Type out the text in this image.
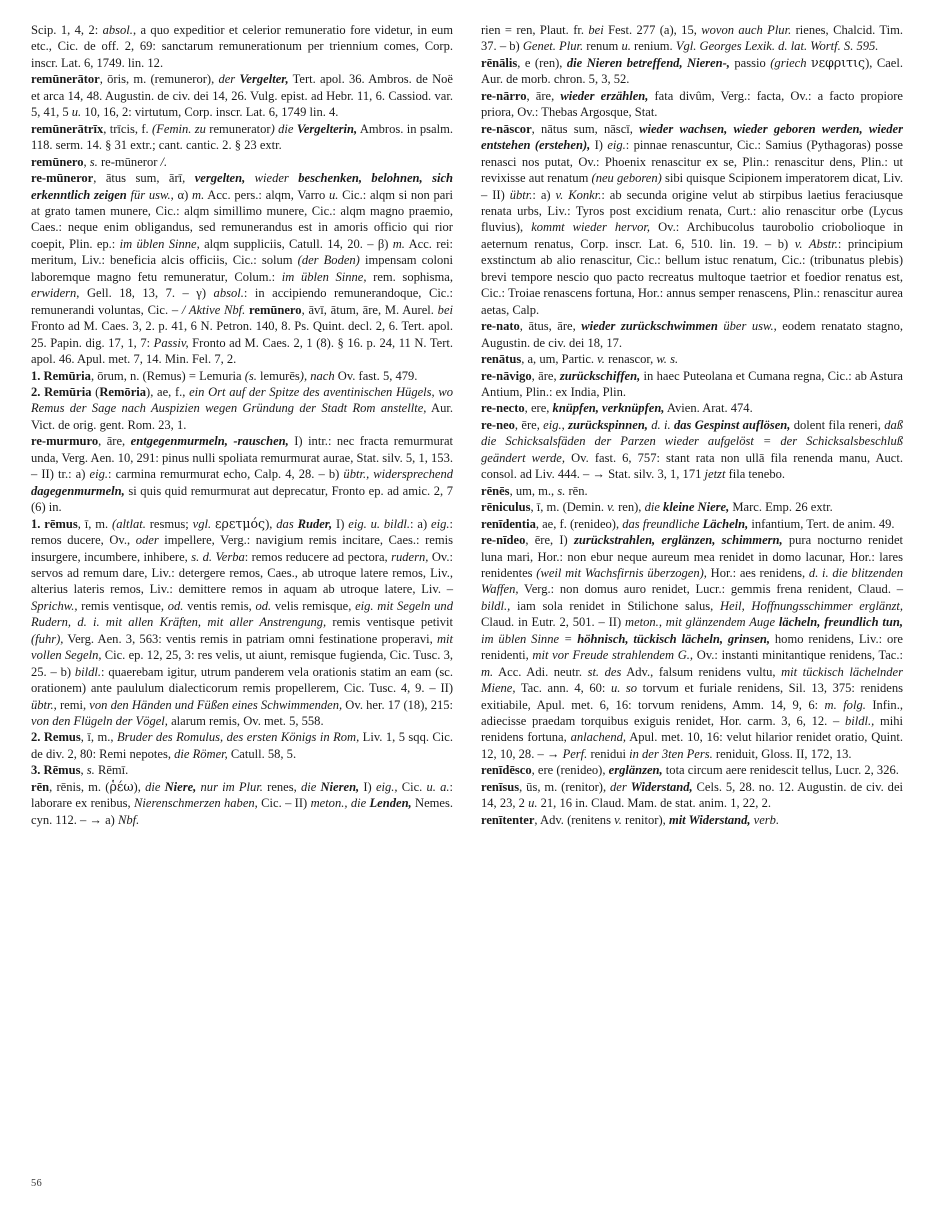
Scip. 1, 4, 2: absol., a quo expeditior et celerior remuneratio fore videtur, in eum etc., Cic. de off. 2, 69: sanctarum remunerationum per triennium comes, Corp. inscr. Lat. 6, 1749. lin. 12.

remūnerātor, ōris, m. (remuneror), der Vergelter, Tert. apol. 36. Ambros. de Noë et arca 14, 48. Augustin. de civ. dei 14, 26. Vulg. epist. ad Hebr. 11, 6. Cassiod. var. 5, 41, 5 u. 10, 16, 2: virtutum, Corp. inscr. Lat. 6, 1749 lin. 4.

remūnerātrīx, trīcis, f. (Femin. zu remunerator) die Vergelterin, Ambros. in psalm. 118. serm. 14. § 31 extr.; cant. cantic. 2. § 23 extr.

remūnero, s. re-mūneror /.

re-mūneror, ātus sum, ārī, vergelten, wieder beschenken, belohnen, sich erkenntlich zeigen für usw., α) m. Acc. pers.: alqm, Varro u. Cic.: alqm si non pari at grato tamen munere, Cic.: alqm simillimo munere, Cic.: alqm magno praemio, Caes.: neque enim obligandus, sed remunerandus est in amoris officio qui rior coepit, Plin. ep.: im üblen Sinne, alqm suppliciis, Catull. 14, 20. – β) m. Acc. rei: meritum, Liv.: beneficia alcis officiis, Cic.: solum (der Boden) impensam coloni laboremque magno fetu remuneratur, Colum.: im üblen Sinne, rem. sophisma, erwidern, Gell. 18, 13, 7. – γ) absol.: in accipiendo remunerandoque, Cic.: remunerandi voluntas, Cic. – / Aktive Nbf. remūnero, āvī, ātum, āre, M. Aurel. bei Fronto ad M. Caes. 3, 2. p. 41, 6 N. Petron. 140, 8. Ps. Quint. decl. 2, 6. Tert. apol. 25. Papin. dig. 17, 1, 7: Passiv, Fronto ad M. Caes. 2, 1 (8). § 16. p. 24, 11 N. Tert. apol. 46. Apul. met. 7, 14. Min. Fel. 7, 2.

1. Remūria, ōrum, n. (Remus) = Lemuria (s. lemurēs), nach Ov. fast. 5, 479.

2. Remūria (Remōria), ae, f., ein Ort auf der Spitze des aventinischen Hügels, wo Remus der Sage nach Auspizien wegen Gründung der Stadt Rom anstellte, Aur. Vict. de orig. gent. Rom. 23, 1.

re-murmuro, āre, entgegenmurmeln, -rauschen, I) intr.: nec fracta remurmurat unda, Verg. Aen. 10, 291: pinus nulli spoliata remurmurat aurae, Stat. silv. 5, 1, 153. – II) tr.: a) eig.: carmina remurmurat echo, Calp. 4, 28. – b) übtr., widersprechend dagegenmurmeln, si quis quid remurmurat aut deprecatur, Fronto ep. ad amic. 2, 7 (6) in.

1. rēmus, ī, m. (altlat. resmus; vgl. ερετμός), das Ruder, I) eig. u. bildl.: a) eig.: remos ducere, Ov., oder impellere, Verg.: navigium remis incitare, Caes.: remis insurgere, incumbere, inhibere, s. d. Verba: remos reducere ad pectora, rudern, Ov.: servos ad remum dare, Liv.: detergere remos, Caes., ab utroque latere remos, Liv., alterius lateris remos, Liv.: demittere remos in aquam ab utroque latere, Liv. – Sprichw., remis ventisque, od. ventis remis, od. velis remisque, eig. mit Segeln und Rudern, d. i. mit allen Kräften, mit aller Anstrengung, remis ventisque petivit (fuhr), Verg. Aen. 3, 563: ventis remis in patriam omni festinatione properavi, mit vollen Segeln, Cic. ep. 12, 25, 3: res velis, ut aiunt, remisque fugienda, Cic. Tusc. 3, 25. – b) bildl.: quaerebam igitur, utrum panderem vela orationis statim an eam (sc. orationem) ante paululum dialecticorum remis propellerem, Cic. Tusc. 4, 9. – II) übtr., remi, von den Händen und Füßen eines Schwimmenden, Ov. her. 17 (18), 215: von den Flügeln der Vögel, alarum remis, Ov. met. 5, 558.

2. Remus, ī, m., Bruder des Romulus, des ersten Königs in Rom, Liv. 1, 5 sqq. Cic. de div. 2, 80: Remi nepotes, die Römer, Catull. 58, 5.

3. Rēmus, s. Rēmī.

rēn, rēnis, m. (ῥέω), die Niere, nur im Plur. renes, die Nieren, I) eig., Cic. u. a.: laborare ex renibus, Nierenschmerzen haben, Cic. – II) meton., die Lenden, Nemes. cyn. 112. – → a) Nbf.

rien = ren, Plaut. fr. bei Fest. 277 (a), 15, wovon auch Plur. rienes, Chalcid. Tim. 37. – b) Genet. Plur. renum u. renium. Vgl. Georges Lexik. d. lat. Wortf. S. 595.

rēnālis, e (ren), die Nieren betreffend, Nieren-, passio (griech νεφριτις), Cael. Aur. de morb. chron. 5, 3, 52.

re-nārro, āre, wieder erzählen, fata divûm, Verg.: facta, Ov.: a facto propiore priora, Ov.: Thebas Argosque, Stat.

re-nāscor, nātus sum, nāscī, wieder wachsen, wieder geboren werden, wieder entstehen (erstehen), I) eig.: pinnae renascuntur, Cic.: Samius (Pythagoras) posse renasci nos putat, Ov.: Phoenix renascitur ex se, Plin.: renascitur dens, Plin.: ut revixisse aut renatum (neu geboren) sibi quisque Scipionem imperatorem dicat, Liv. – II) übtr.: a) v. Konkr.: ab secunda origine velut ab stirpibus laetius feraciusque renata urbs, Liv.: Tyros post excidium renata, Curt.: alio renascitur orbe (Lycus fluvius), kommt wieder hervor, Ov.: Archibucolus taurobolio criobolioque in aeternum renatus, Corp. inscr. Lat. 6, 510. lin. 19. – b) v. Abstr.: principium exstinctum ab alio renascitur, Cic.: bellum istuc renatum, Cic.: (tribunatus plebis) brevi tempore nescio quo pacto recreatus multoque taetrior et foedior renatus est, Cic.: Troiae renascens fortuna, Hor.: annus semper renascens, Plin.: renascitur aurea aetas, Calp.

re-nato, ātus, āre, wieder zurückschwimmen über usw., eodem renatato stagno, Augustin. de civ. dei 18, 17.

renātus, a, um, Partic. v. renascor, w. s.

re-nāvigo, āre, zurückschiffen, in haec Puteolana et Cumana regna, Cic.: ab Astura Antium, Plin.: ex India, Plin.

re-necto, ere, knüpfen, verknüpfen, Avien. Arat. 474.

re-neo, ēre, eig., zurückspinnen, d. i. das Gespinst auflösen, dolent fila reneri, daß die Schicksalsfäden der Parzen wieder aufgelöst = der Schicksalsbeschluß geändert werde, Ov. fast. 6, 757: stant rata non ullā fila renenda manu, Auct. consol. ad Liv. 444. – → Stat. silv. 3, 1, 171 jetzt fila tenebo.

rēnēs, um, m., s. rēn.

rēniculus, ī, m. (Demin. v. ren), die kleine Niere, Marc. Emp. 26 extr.

renīdentia, ae, f. (renideo), das freundliche Lächeln, infantium, Tert. de anim. 49.

re-nīdeo, ēre, I) zurückstrahlen, erglänzen, schimmern, pura nocturno renidet luna mari, Hor.: non ebur neque aureum mea renidet in domo lacunar, Hor.: lares renidentes (weil mit Wachsfirnis überzogen), Hor.: aes renidens, d. i. die blitzenden Waffen, Verg.: non domus auro renidet, Lucr.: gemmis frena renident, Claud. – bildl., iam sola renidet in Stilichone salus, Heil, Hoffnungsschimmer erglänzt, Claud. in Eutr. 2, 501. – II) meton., mit glänzendem Auge lächeln, freundlich tun, im üblen Sinne = höhnisch, tückisch lächeln, grinsen, homo renidens, Liv.: ore renidenti, mit vor Freude strahlendem G., Ov.: instanti minitantique renidens, Tac.: m. Acc. Adi. neutr. st. des Adv., falsum renidens vultu, mit tückisch lächelnder Miene, Tac. ann. 4, 60: u. so torvum et furiale renidens, Sil. 13, 375: renidens exitiabile, Apul. met. 6, 16: torvum renidens, Amm. 14, 9, 6: m. folg. Infin., adiecisse praedam torquibus exiguis renidet, Hor. carm. 3, 6, 12. – bildl., mihi renidens fortuna, anlachend, Apul. met. 10, 16: velut hilarior renidet oratio, Quint. 12, 10, 28. – → Perf. renidui in der 3ten Pers. reniduit, Gloss. II, 172, 13.

renīdēsco, ere (renideo), erglänzen, tota circum aere renidescit tellus, Lucr. 2, 326.

renīsus, ūs, m. (renitor), der Widerstand, Cels. 5, 28. no. 12. Augustin. de civ. dei 14, 23, 2 u. 21, 16 in. Claud. Mam. de stat. anim. 1, 22, 2.

renītenter, Adv. (renitens v. renitor), mit Widerstand, verb.

56
